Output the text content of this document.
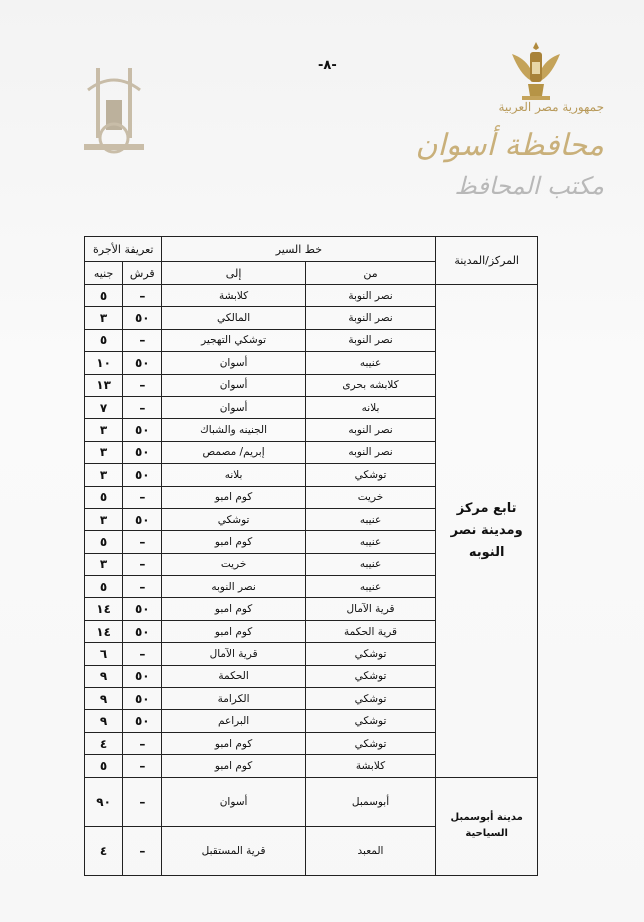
-٨-
جمهورية مصر العربية
محافظة أسوان
مكتب المحافظ
المركز/المدينة	خط السير		تعريفة الأجرة	
	من	إلى	قرش	جنيه
تابع مركز ومدينة نصر النوبه	نصر النوبة	كلابشة	–	٥
	نصر النوبة	المالكي	٥٠	٣
	نصر النوبة	توشكي التهجير	–	٥
	عنيبه	أسوان	٥٠	١٠
	كلابشه بحرى	أسوان	–	١٣
	بلانه	أسوان	–	٧
	نصر النوبه	الجنينه والشباك	٥٠	٣
	نصر النوبه	إبريم/ مصمص	٥٠	٣
	توشكي	بلانه	٥٠	٣
	خريت	كوم امبو	–	٥
	عنيبه	توشكي	٥٠	٣
	عنيبه	كوم امبو	–	٥
	عنيبه	خريت	–	٣
	عنيبه	نصر النوبه	–	٥
	قرية الآمال	كوم امبو	٥٠	١٤
	قرية الحكمة	كوم امبو	٥٠	١٤
	توشكي	قرية الآمال	–	٦
	توشكي	الحكمة	٥٠	٩
	توشكي	الكرامة	٥٠	٩
	توشكي	البراعم	٥٠	٩
	توشكي	كوم امبو	–	٤
	كلابشة	كوم امبو	–	٥
مدينة أبوسمبل السياحية	أبوسمبل	أسوان	–	٩٠
	المعبد	قرية المستقبل	–	٤
